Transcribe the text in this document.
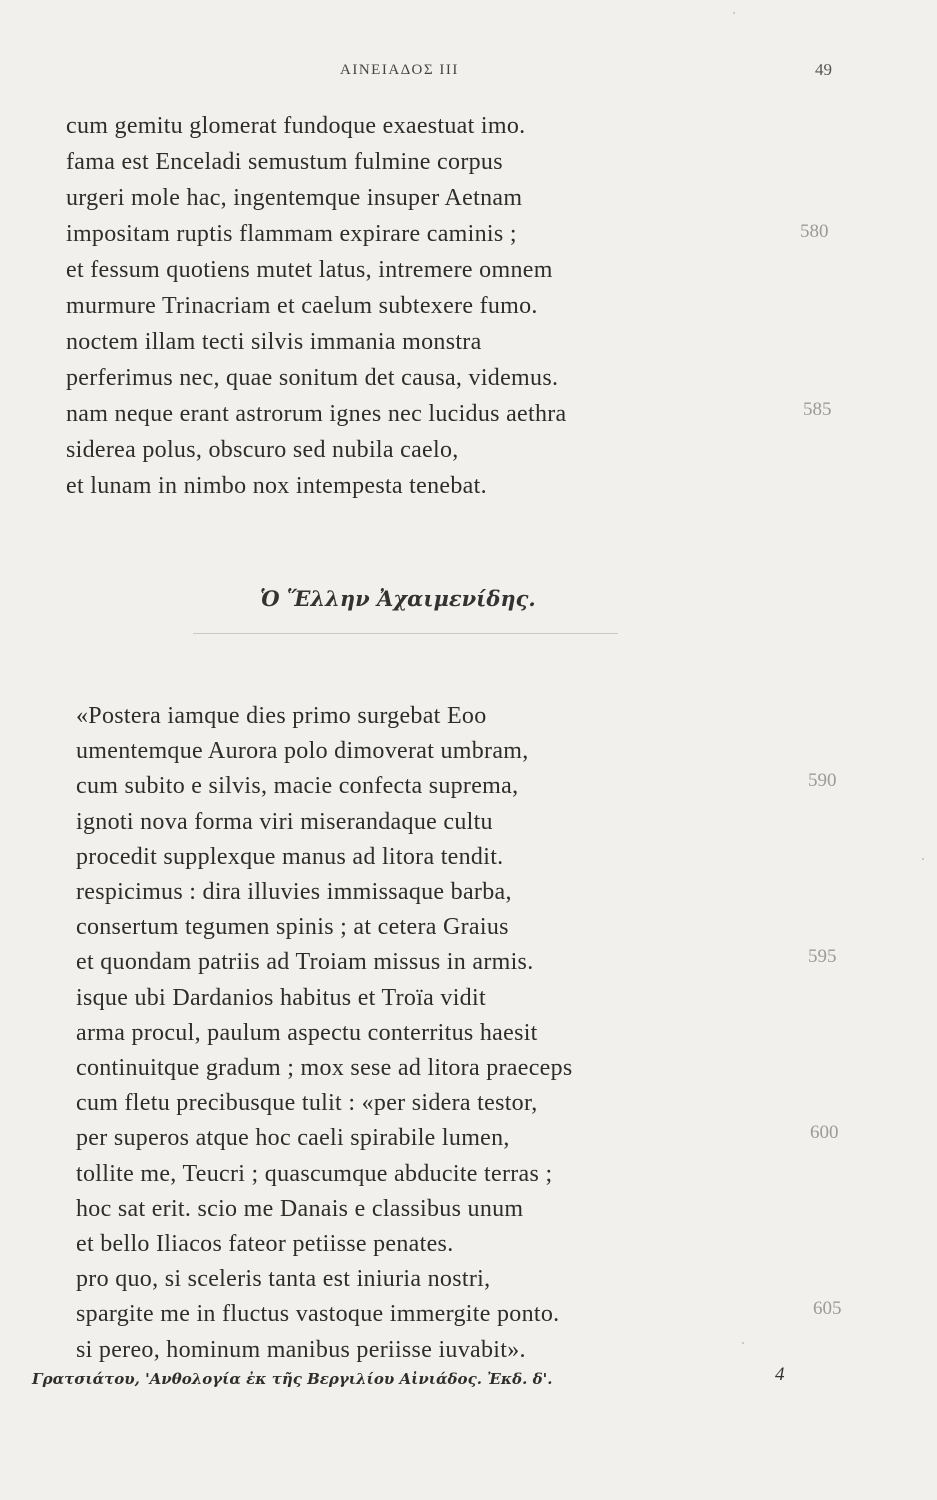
ΑΙΝΕΙΑΔΟΣ III	49
cum gemitu glomerat fundoque exaestuat imo.
fama est Enceladi semustum fulmine corpus
urgeri mole hac, ingentemque insuper Aetnam
impositam ruptis flammam expirare caminis ;
et fessum quotiens mutet latus, intremere omnem
murmure Trinacriam et caelum subtexere fumo.
noctem illam tecti silvis immania monstra
perferimus nec, quae sonitum det causa, videmus.
nam neque erant astrorum ignes nec lucidus aethra
siderea polus, obscuro sed nubila caelo,
et lunam in nimbo nox intempesta tenebat.
580
585
Ὁ Ἕλλην Ἀχαιμενίδης.
«Postera iamque dies primo surgebat Eoo
umentemque Aurora polo dimoverat umbram,
cum subito e silvis, macie confecta suprema,
ignoti nova forma viri miserandaque cultu
procedit supplexque manus ad litora tendit.
respicimus : dira illuvies immissaque barba,
consertum tegumen spinis ; at cetera Graius
et quondam patriis ad Troiam missus in armis.
isque ubi Dardanios habitus et Troïa vidit
arma procul, paulum aspectu conterritus haesit
continuitque gradum ; mox sese ad litora praeceps
cum fletu precibusque tulit : «per sidera testor,
per superos atque hoc caeli spirabile lumen,
tollite me, Teucri ; quascumque abducite terras ;
hoc sat erit. scio me Danais e classibus unum
et bello Iliacos fateor petiisse penates.
pro quo, si sceleris tanta est iniuria nostri,
spargite me in fluctus vastoque immergite ponto.
si pereo, hominum manibus periisse iuvabit».
590
595
600
605
Γρατσιάτου, 'Ανθολογία ἐκ τῆς Βεργιλίου Αἰνιάδος. Ἐκδ. δ'.	4
